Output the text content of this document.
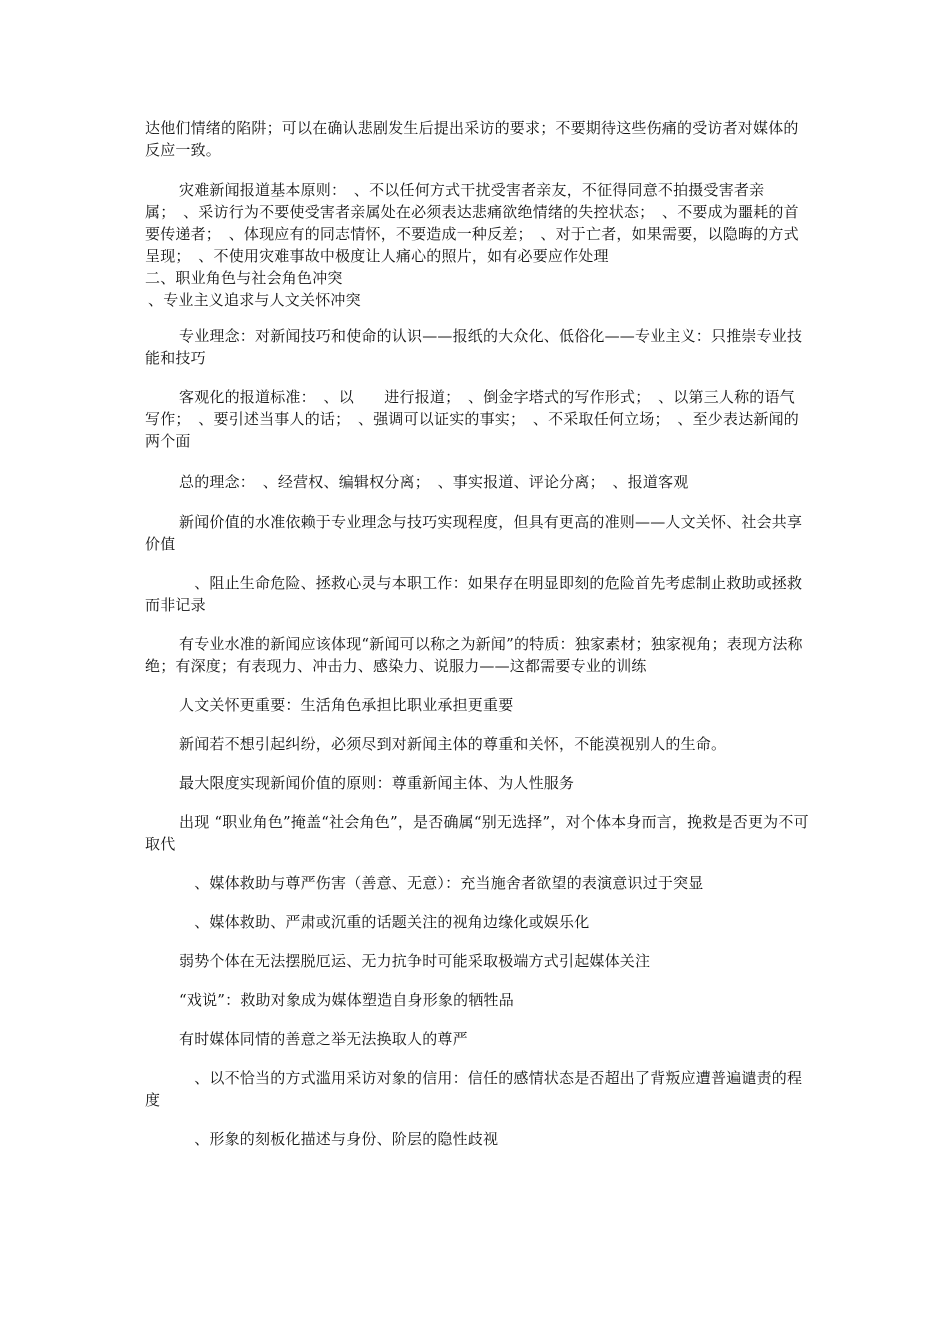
达他们情绪的陷阱；可以在确认悲剧发生后提出采访的要求；不要期待这些伤痛的受访者对媒体的反应一致。

灾难新闻报道基本原则：　、不以任何方式干扰受害者亲友，不征得同意不拍摄受害者亲属；　、采访行为不要使受害者亲属处在必须表达悲痛欲绝情绪的失控状态；　、不要成为噩耗的首要传递者；　、体现应有的同志情怀，不要造成一种反差；　、对于亡者，如果需要，以隐晦的方式呈现；　、不使用灾难事故中极度让人痛心的照片，如有必要应作处理

二、职业角色与社会角色冲突

、专业主义追求与人文关怀冲突

专业理念：对新闻技巧和使命的认识——报纸的大众化、低俗化——专业主义：只推崇专业技能和技巧

客观化的报道标准：　、以　　进行报道；　、倒金字塔式的写作形式；　、以第三人称的语气写作；　、要引述当事人的话；　、强调可以证实的事实；　、不采取任何立场；　、至少表达新闻的两个面

总的理念：　、经营权、编辑权分离；　、事实报道、评论分离；　、报道客观

新闻价值的水准依赖于专业理念与技巧实现程度，但具有更高的准则——人文关怀、社会共享价值

　、阻止生命危险、拯救心灵与本职工作：如果存在明显即刻的危险首先考虑制止救助或拯救而非记录

有专业水准的新闻应该体现“新闻可以称之为新闻”的特质：独家素材；独家视角；表现方法称绝；有深度；有表现力、冲击力、感染力、说服力——这都需要专业的训练

人文关怀更重要：生活角色承担比职业承担更重要

新闻若不想引起纠纷，必须尽到对新闻主体的尊重和关怀，不能漠视别人的生命。

最大限度实现新闻价值的原则：尊重新闻主体、为人性服务

出现 “职业角色”掩盖“社会角色”，是否确属“别无选择”，对个体本身而言，挽救是否更为不可取代

　、媒体救助与尊严伤害（善意、无意）：充当施舍者欲望的表演意识过于突显

　、媒体救助、严肃或沉重的话题关注的视角边缘化或娱乐化

弱势个体在无法摆脱厄运、无力抗争时可能采取极端方式引起媒体关注

“戏说”：救助对象成为媒体塑造自身形象的牺牲品

有时媒体同情的善意之举无法换取人的尊严

　、以不恰当的方式滥用采访对象的信用：信任的感情状态是否超出了背叛应遭普遍谴责的程度

　、形象的刻板化描述与身份、阶层的隐性歧视
